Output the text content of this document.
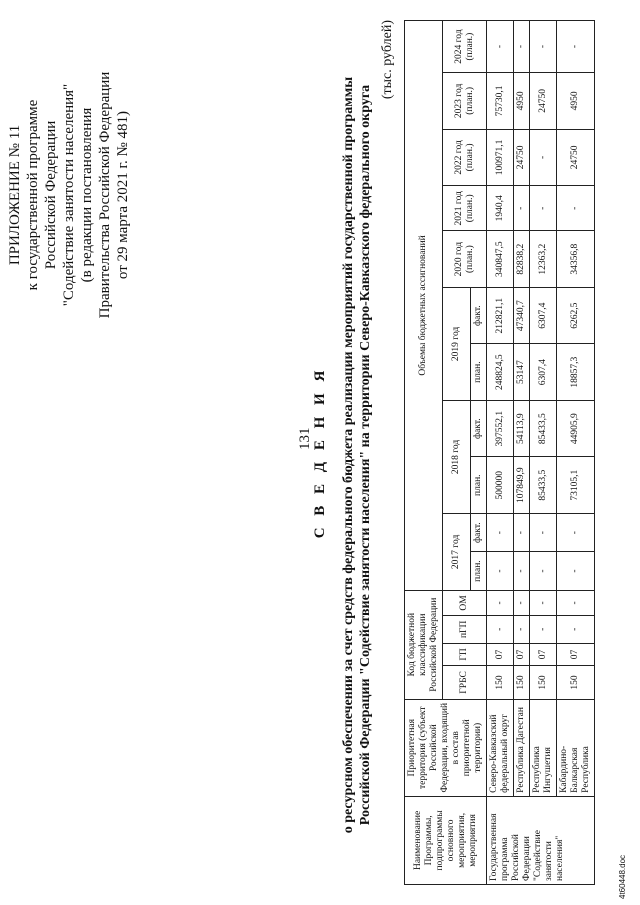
131
ПРИЛОЖЕНИЕ № 11 к государственной программе Российской Федерации "Содействие занятости населения" (в редакции постановления Правительства Российской Федерации от 29 марта 2021 г. № 481)
С В Е Д Е Н И Я о ресурсном обеспечении за счет средств федерального бюджета реализации мероприятий государственной программы Российской Федерации "Содействие занятости населения" на территории Северо-Кавказского федерального округа
(тыс. рублей)
Наименование Программы, подпрограммы основного мероприятия, мероприятия	Приоритетная территория (субъект Российской Федерации, входящий в состав приоритетной территории)	Код бюджетной классификации Российской Федерации				Объемы бюджетных ассигнований										
		ГРБС	ГП	пГП	ОМ	2017 год		2018 год		2019 год		2020 год (план.)	2021 год (план.)	2022 год (план.)	2023 год (план.)	2024 год (план.)
						план.	факт.	план.	факт.	план.	факт.					
Государственная программа Российской Федерации "Содействие занятости населения"	Северо-Кавказский федеральный округ	150	07	-	-	-	-	500000	397552,1	248824,5	212821,1	340847,5	1940,4	100971,1	75730,1	-
	Республика Дагестан	150	07	-	-	-	-	107849,9	54113,9	53147	47340,7	82838,2	-	24750	4950	-
	Республика Ингушетия	150	07	-	-	-	-	85433,5	85433,5	6307,4	6307,4	12363,2	-	-	24750	-
	Кабардино-Балкарская Республика	150	07	-	-	-	-	73105,1	44905,9	18857,3	6262,5	34356,8	-	24750	4950	-
4t60448.doc
